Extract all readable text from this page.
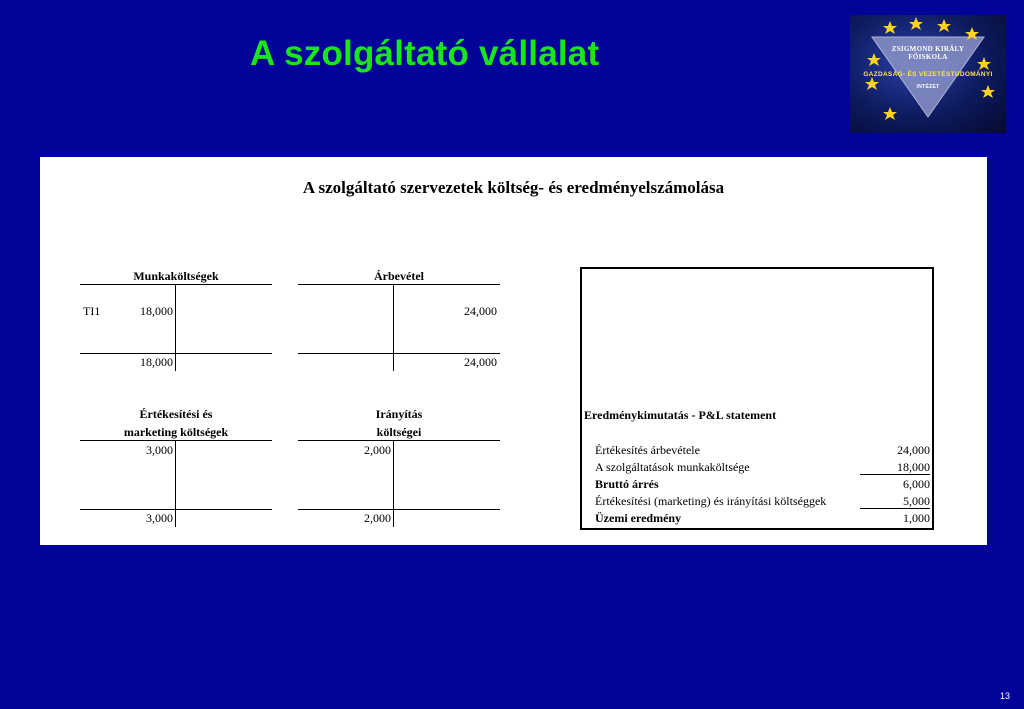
A szolgáltató vállalat	ZSIGMOND KIRÁLY
FŐISKOLA
GAZDASÁG- ÉS VEZETÉSTUDOMÁNYI
INTÉZET
A szolgáltató szervezetek költség- és eredményelszámolása
Munkaköltségek
TI1	18,000
18,000
Árbevétel
24,000
24,000
Értékesítési és
marketing költségek
3,000
3,000
Irányítás
költségei
2,000
2,000
Eredménykimutatás - P&L statement
Értékesítés árbevétele	24,000
A szolgáltatások munkaköltsége	18,000
Bruttó árrés	6,000
Értékesítési (marketing) és irányítási költséggek	5,000
Üzemi eredmény	1,000
13
